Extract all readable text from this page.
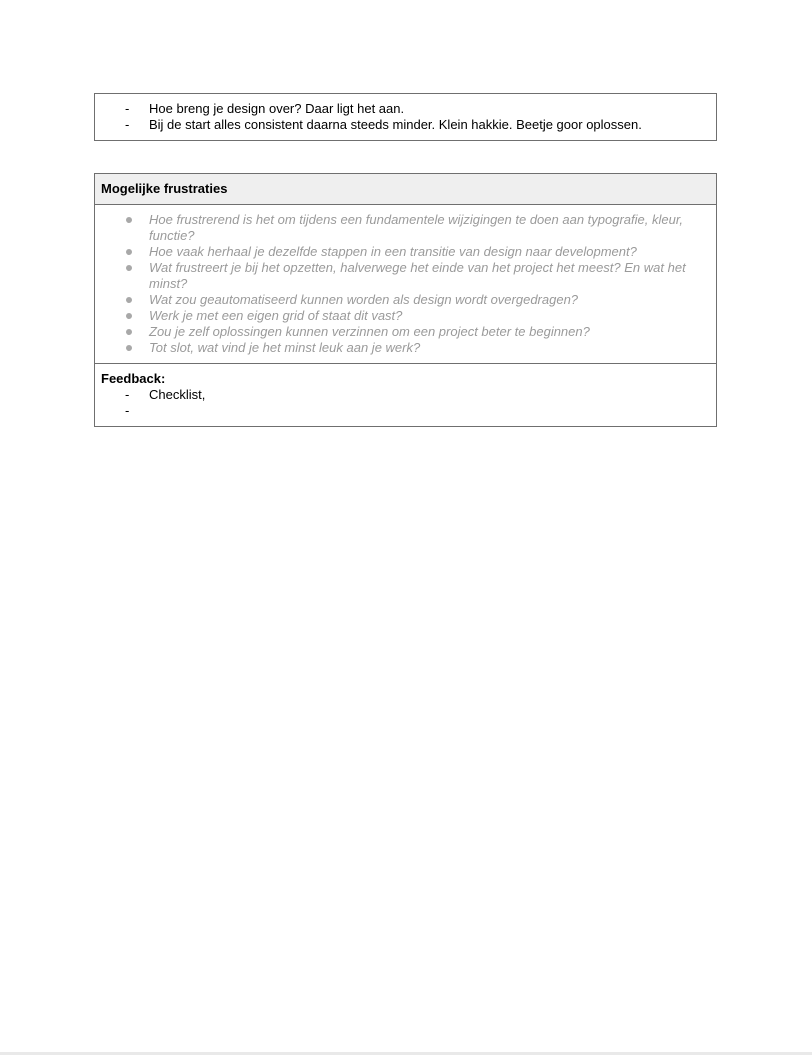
- Hoe breng je design over? Daar ligt het aan.
- Bij de start alles consistent daarna steeds minder. Klein hakkie. Beetje goor oplossen.
Mogelijke frustraties
Hoe frustrerend is het om tijdens een fundamentele wijzigingen te doen aan typografie, kleur, functie?
Hoe vaak herhaal je dezelfde stappen in een transitie van design naar development?
Wat frustreert je bij het opzetten, halverwege het einde van het project het meest? En wat het minst?
Wat zou geautomatiseerd kunnen worden als design wordt overgedragen?
Werk je met een eigen grid of staat dit vast?
Zou je zelf oplossingen kunnen verzinnen om een project beter te beginnen?
Tot slot, wat vind je het minst leuk aan je werk?
Feedback:
- Checklist,
-
